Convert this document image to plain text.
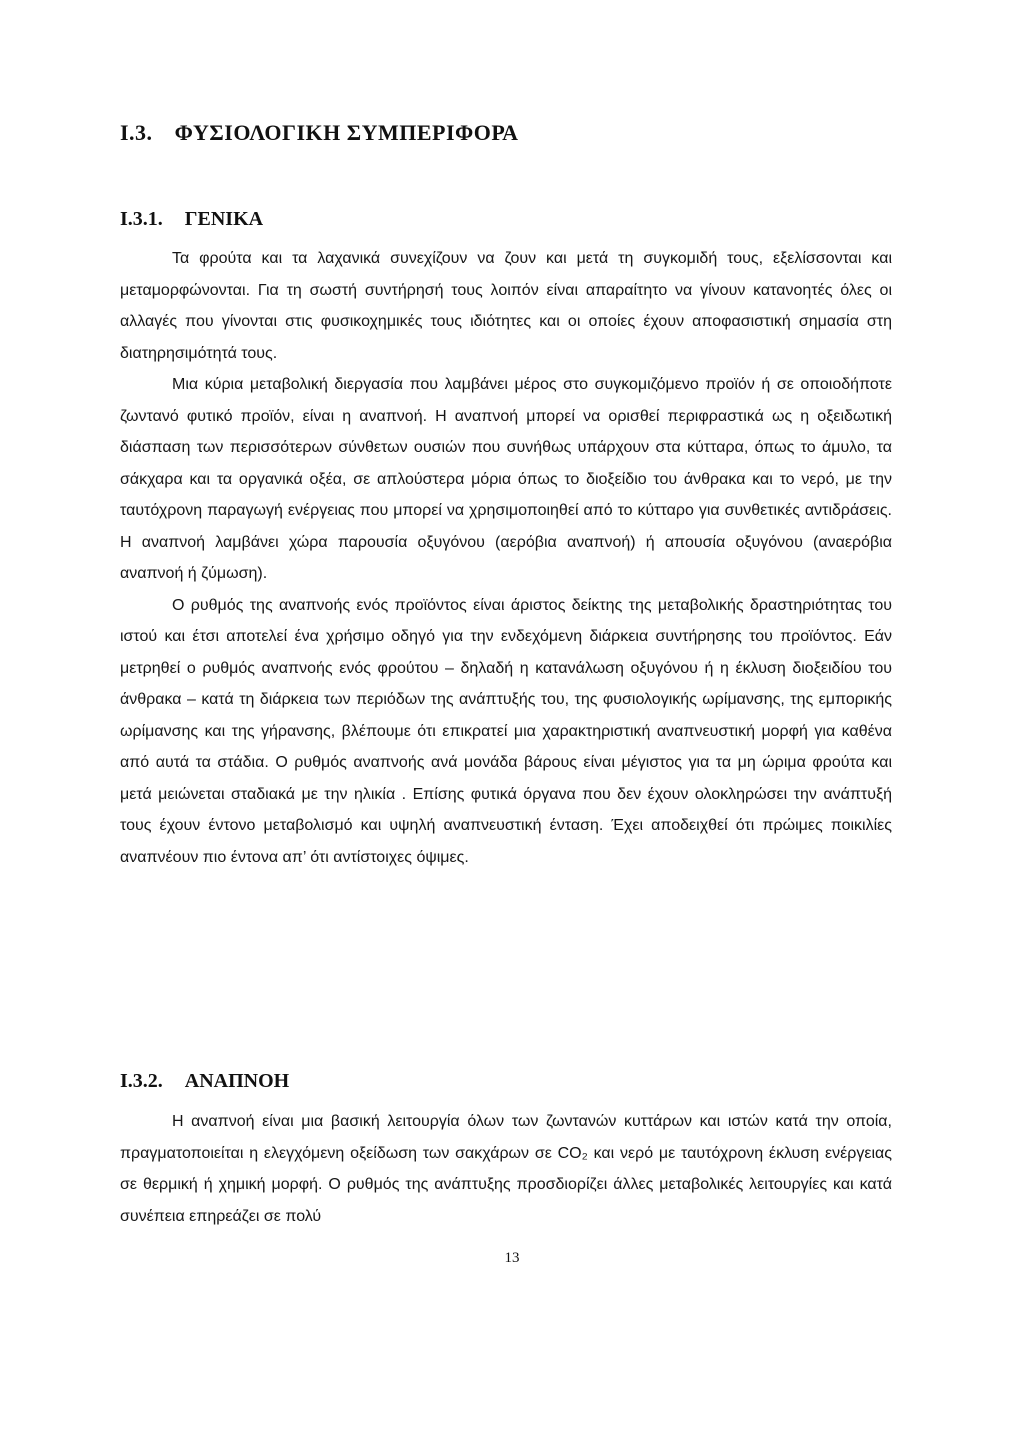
I.3. ΦΥΣΙΟΛΟΓΙΚΗ ΣΥΜΠΕΡΙΦΟΡΑ
I.3.1. ΓΕΝΙΚΑ

Τα φρούτα και τα λαχανικά συνεχίζουν να ζουν και μετά τη συγκομιδή τους, εξελίσσονται και μεταμορφώνονται. Για τη σωστή συντήρησή τους λοιπόν είναι απαραίτητο να γίνουν κατανοητές όλες οι αλλαγές που γίνονται στις φυσικοχημικές τους ιδιότητες και οι οποίες έχουν αποφασιστική σημασία στη διατηρησιμότητά τους.

Μια κύρια μεταβολική διεργασία που λαμβάνει μέρος στο συγκομιζόμενο προϊόν ή σε οποιοδήποτε ζωντανό φυτικό προϊόν, είναι η αναπνοή. Η αναπνοή μπορεί να ορισθεί περιφραστικά ως η οξειδωτική διάσπαση των περισσότερων σύνθετων ουσιών που συνήθως υπάρχουν στα κύτταρα, όπως το άμυλο, τα σάκχαρα και τα οργανικά οξέα, σε απλούστερα μόρια όπως το διοξείδιο του άνθρακα και το νερό, με την ταυτόχρονη παραγωγή ενέργειας που μπορεί να χρησιμοποιηθεί από το κύτταρο για συνθετικές αντιδράσεις. Η αναπνοή λαμβάνει χώρα παρουσία οξυγόνου (αερόβια αναπνοή) ή απουσία οξυγόνου (αναερόβια αναπνοή ή ζύμωση).

Ο ρυθμός της αναπνοής ενός προϊόντος είναι άριστος δείκτης της μεταβολικής δραστηριότητας του ιστού και έτσι αποτελεί ένα χρήσιμο οδηγό για την ενδεχόμενη διάρκεια συντήρησης του προϊόντος. Εάν μετρηθεί ο ρυθμός αναπνοής ενός φρούτου – δηλαδή η κατανάλωση οξυγόνου ή η έκλυση διοξειδίου του άνθρακα – κατά τη διάρκεια των περιόδων της ανάπτυξής του, της φυσιολογικής ωρίμανσης, της εμπορικής ωρίμανσης και της γήρανσης, βλέπουμε ότι επικρατεί μια χαρακτηριστική αναπνευστική μορφή για καθένα από αυτά τα στάδια. Ο ρυθμός αναπνοής ανά μονάδα βάρους είναι μέγιστος για τα μη ώριμα φρούτα και μετά μειώνεται σταδιακά με την ηλικία . Επίσης φυτικά όργανα που δεν έχουν ολοκληρώσει την ανάπτυξή τους έχουν έντονο μεταβολισμό και υψηλή αναπνευστική ένταση. Έχει αποδειχθεί ότι πρώιμες ποικιλίες αναπνέουν πιο έντονα απ’ ότι αντίστοιχες όψιμες.

I.3.2. ΑΝΑΠΝΟΗ

Η αναπνοή είναι μια βασική λειτουργία όλων των ζωντανών κυττάρων και ιστών κατά την οποία, πραγματοποιείται η ελεγχόμενη οξείδωση των σακχάρων σε CO₂ και νερό με ταυτόχρονη έκλυση ενέργειας σε θερμική ή χημική μορφή. Ο ρυθμός της ανάπτυξης προσδιορίζει άλλες μεταβολικές λειτουργίες και κατά συνέπεια επηρεάζει σε πολύ

13
